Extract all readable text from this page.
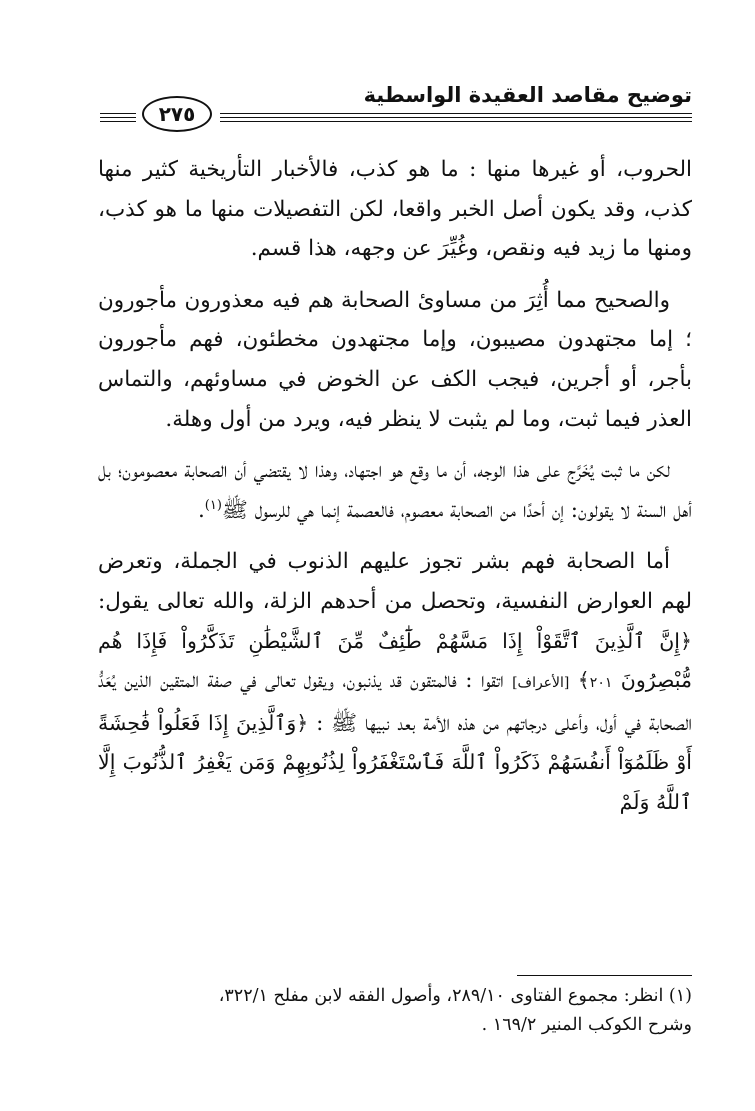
توضيح مقاصد العقيدة الواسطية
٢٧٥

الحروب، أو غيرها منها : ما هو كذب، فالأخبار التأريخية كثير منها كذب، وقد يكون أصل الخبر واقعا، لكن التفصيلات منها ما هو كذب، ومنها ما زيد فيه ونقص، وغُيِّرَ عن وجهه، هذا قسم.

والصحيح مما أُثِرَ من مساوئ الصحابة هم فيه معذورون مأجورون ؛ إما مجتهدون مصيبون، وإما مجتهدون مخطئون، فهم مأجورون بأجر، أو أجرين، فيجب الكف عن الخوض في مساوئهم، والتماس العذر فيما ثبت، وما لم يثبت لا ينظر فيه، ويرد من أول وهلة.

لكن ما ثبت يُخَرَّج على هذا الوجه، أن ما وقع هو اجتهاد، وهذا لا يقتضي أن الصحابة معصومون؛ بل أهل السنة لا يقولون: إن أحدًا من الصحابة معصوم، فالعصمة إنما هي للرسول ﷺ$^{(١)}$.

أما الصحابة فهم بشر تجوز عليهم الذنوب في الجملة، وتعرض لهم العوارض النفسية، وتحصل من أحدهم الزلة، والله تعالى يقول: ﴿إِنَّ ٱلَّذِينَ ٱتَّقَوْاْ إِذَا مَسَّهُمْ طَٰٓئِفٌ مِّنَ ٱلشَّيْطَٰنِ تَذَكَّرُواْ فَإِذَا هُم مُّبْصِرُونَ ٢٠١﴾ [الأعراف] اتقوا : فالمتقون قد يذنبون، ويقول تعالى في صفة المتقين الذين يُعَدُّ الصحابة في أول، وأعلى درجاتهم من هذه الأمة بعد نبيها ﷺ : ﴿وَٱلَّذِينَ إِذَا فَعَلُواْ فَٰحِشَةً أَوْ ظَلَمُوٓاْ أَنفُسَهُمْ ذَكَرُواْ ٱللَّهَ فَٱسْتَغْفَرُواْ لِذُنُوبِهِمْ وَمَن يَغْفِرُ ٱلذُّنُوبَ إِلَّا ٱللَّهُ وَلَمْ

(١) انظر: مجموع الفتاوى ٢٨٩/١٠، وأصول الفقه لابن مفلح ٣٢٢/١،
وشرح الكوكب المنير ١٦٩/٢ .
